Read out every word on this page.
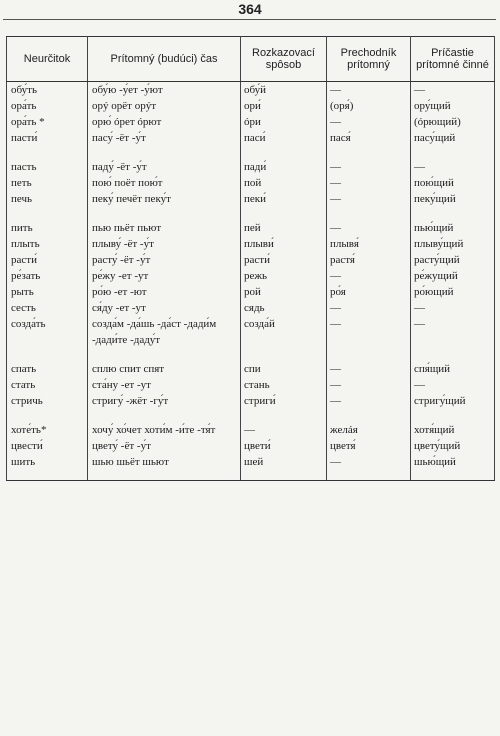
364
Neurčitok	Prítomný (budúci) čas	Rozkazovací spôsob	Prechodník prítomný	Príčastie prítomné činné
обу́ть	обу́ю -у́ет -у́ют	обу́й	—	—
ора́ть	орý орёт орýт	ори́	(оря́)	ору́щий
ора́ть *	орю́ óрет óрют	óри	—	(óрющий)
пасти́	пасу́ -ёт -у́т	паси́	пася́	пасу́щий

пасть	паду́ -ёт -у́т	пади́	—	—
петь	пою́ поёт пою́т	пой	—	пою́щий
печь	пеку́ печёт пеку́т	пеки́	—	пеку́щий

пить	пью пьёт пьют	пей	—	пью́щий
плыть	плыву́ -ёт -у́т	плыви́	плывя́	плыву́щий
расти́	расту́ -ёт -у́т	расти́	растя́	расту́щий
ре́зать	ре́жу -ет -ут	режь	—	ре́жущий
рыть	ро́ю -ет -ют	рой	ро́я	ро́ющий
сесть	ся́ду -ет -ут	сядь	—	—
созда́ть	созда́м -да́шь -да́ст -дади́м
-дади́те -даду́т	созда́й	—	—

спать	сплю спит спят	спи	—	спя́щий
стать	ста́ну -ет -ут	стань	—	—
стричь	стригу́ -жёт -гу́т	стриги́	—	стригу́щий

хоте́ть*	хочу́ хо́чет хоти́м -и́те -тя́т	—	желáя	хотя́щий
цвести́	цвету́ -ёт -у́т	цвети́	цветя́	цвету́щий
шить	шью шьёт шьют	шей	—	шью́щий
